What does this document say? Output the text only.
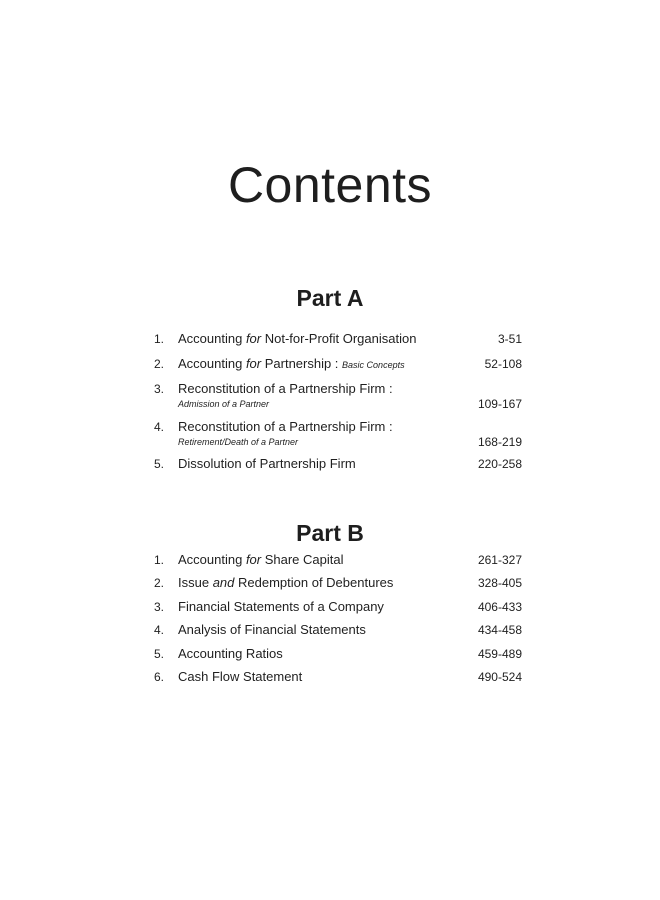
Contents
Part A
1. Accounting for Not-for-Profit Organisation	3-51
2. Accounting for Partnership : Basic Concepts	52-108
3. Reconstitution of a Partnership Firm :
Admission of a Partner	109-167
4. Reconstitution of a Partnership Firm :
Retirement/Death of a Partner	168-219
5. Dissolution of Partnership Firm	220-258
Part B
1. Accounting for Share Capital	261-327
2. Issue and Redemption of Debentures	328-405
3. Financial Statements of a Company	406-433
4. Analysis of Financial Statements	434-458
5. Accounting Ratios	459-489
6. Cash Flow Statement	490-524
